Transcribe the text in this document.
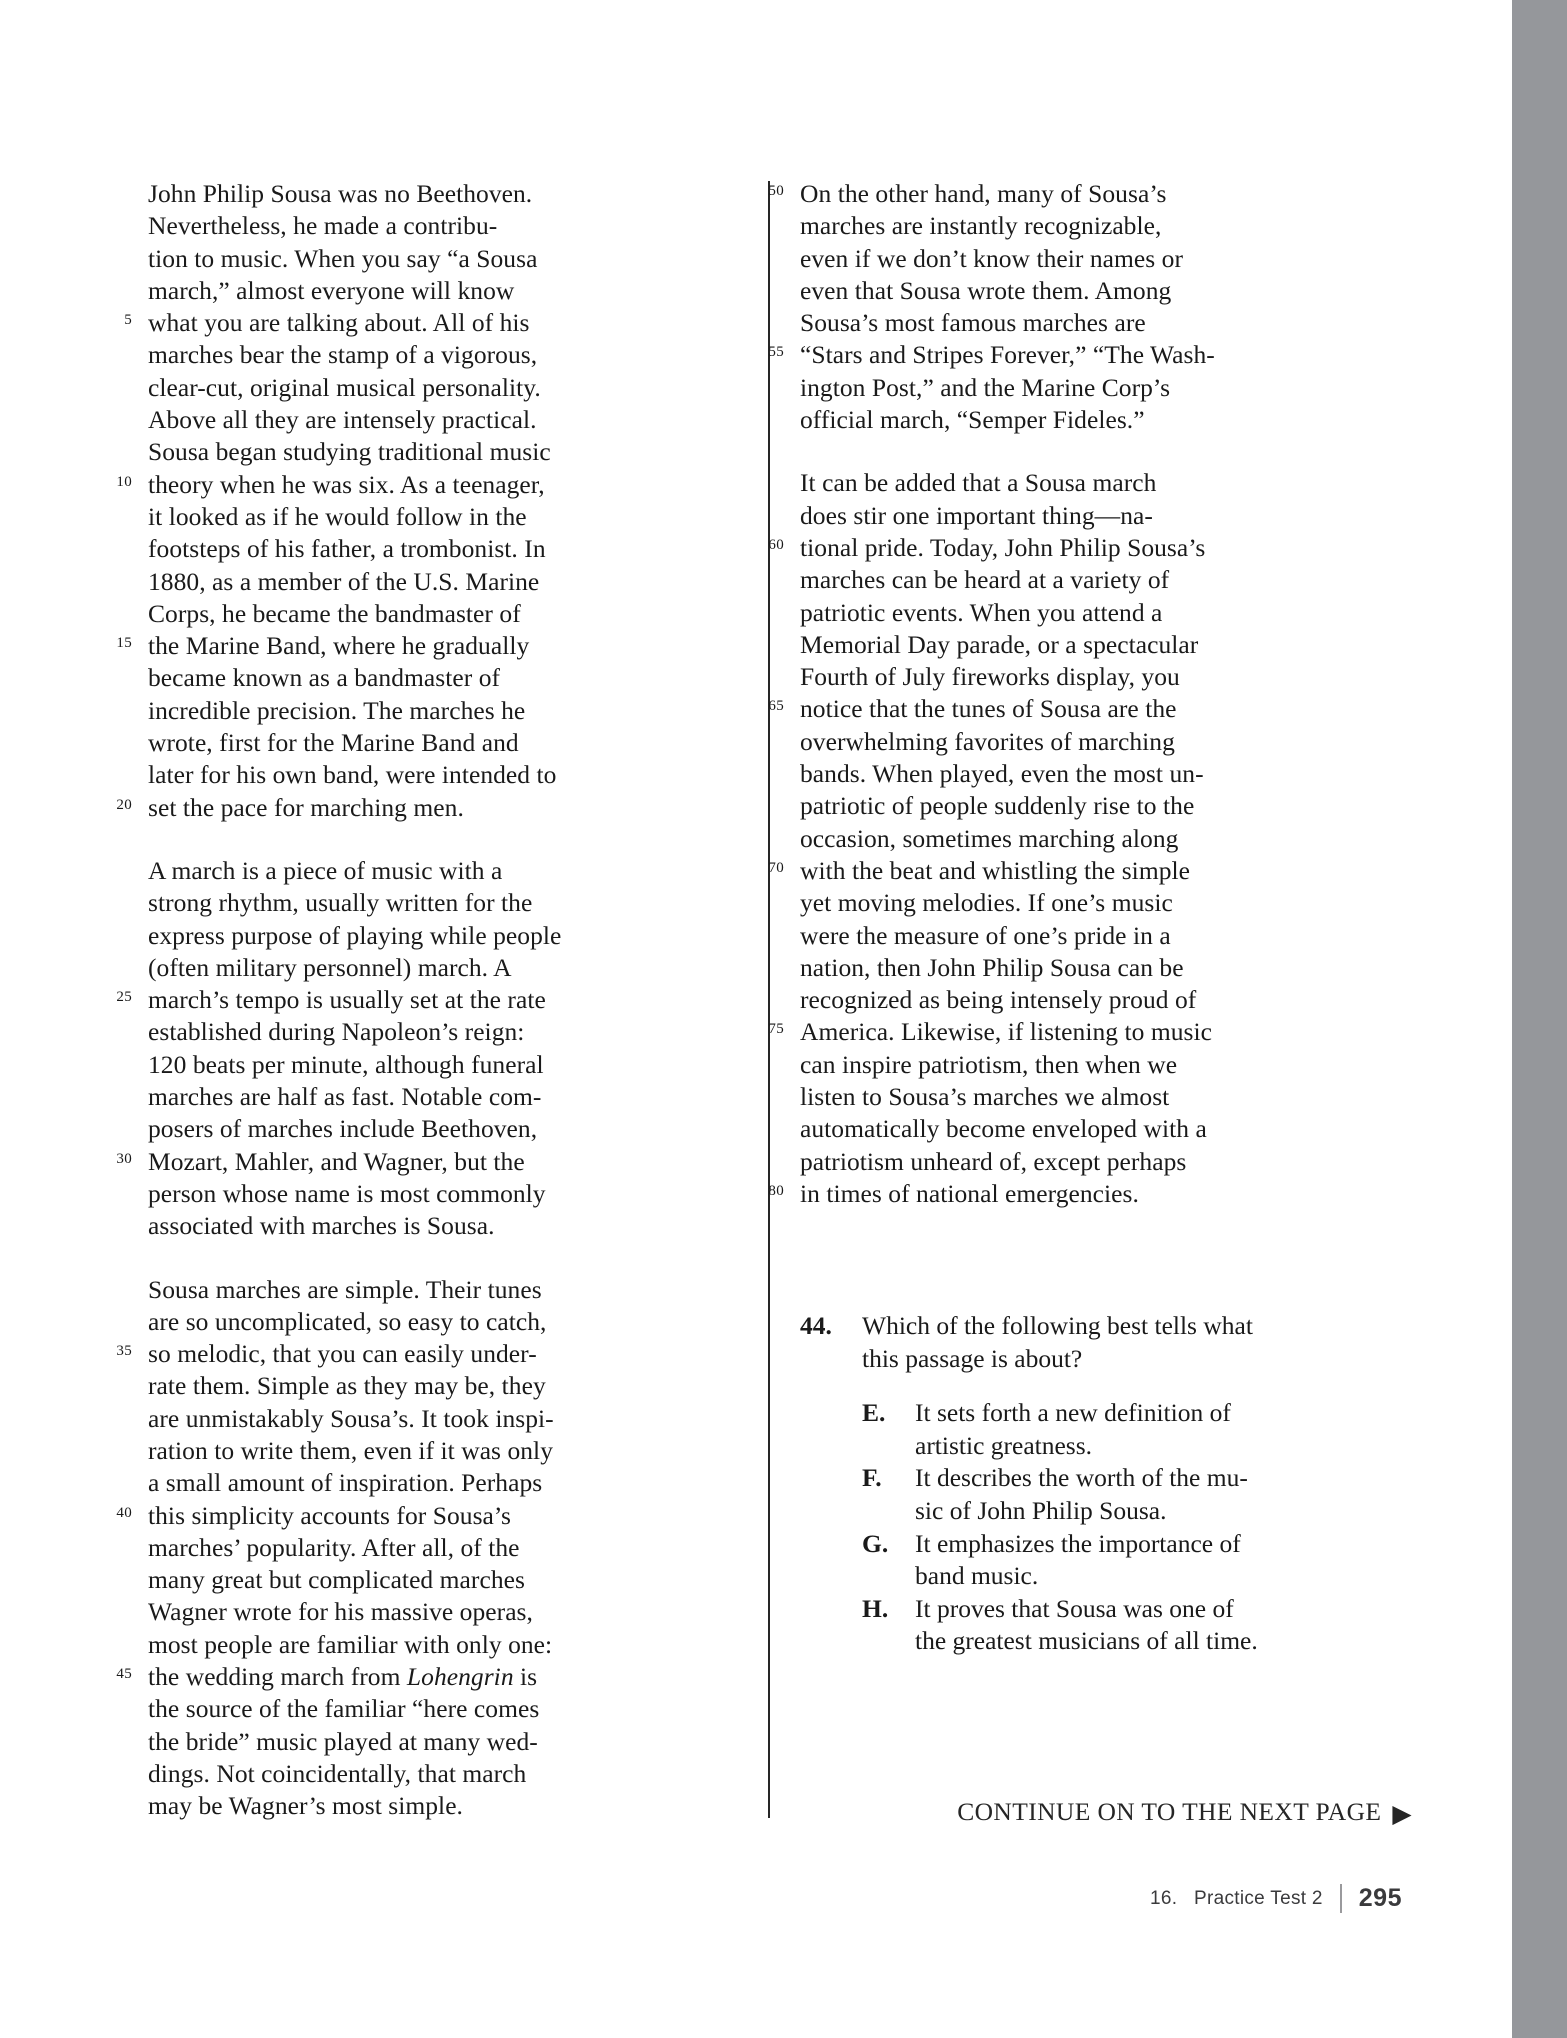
John Philip Sousa was no Beethoven.
Nevertheless, he made a contribu-
tion to music. When you say “a Sousa
march,” almost everyone will know
5 what you are talking about. All of his
marches bear the stamp of a vigorous,
clear-cut, original musical personality.
Above all they are intensely practical.
Sousa began studying traditional music
10 theory when he was six. As a teenager,
it looked as if he would follow in the
footsteps of his father, a trombonist. In
1880, as a member of the U.S. Marine
Corps, he became the bandmaster of
15 the Marine Band, where he gradually
became known as a bandmaster of
incredible precision. The marches he
wrote, first for the Marine Band and
later for his own band, were intended to
20 set the pace for marching men.
A march is a piece of music with a
strong rhythm, usually written for the
express purpose of playing while people
(often military personnel) march. A
25 march’s tempo is usually set at the rate
established during Napoleon’s reign:
120 beats per minute, although funeral
marches are half as fast. Notable com-
posers of marches include Beethoven,
30 Mozart, Mahler, and Wagner, but the
person whose name is most commonly
associated with marches is Sousa.
Sousa marches are simple. Their tunes
are so uncomplicated, so easy to catch,
35 so melodic, that you can easily under-
rate them. Simple as they may be, they
are unmistakably Sousa’s. It took inspi-
ration to write them, even if it was only
a small amount of inspiration. Perhaps
40 this simplicity accounts for Sousa’s
marches’ popularity. After all, of the
many great but complicated marches
Wagner wrote for his massive operas,
most people are familiar with only one:
45 the wedding march from Lohengrin is
the source of the familiar “here comes
the bride” music played at many wed-
dings. Not coincidentally, that march
may be Wagner’s most simple.
50 On the other hand, many of Sousa’s
marches are instantly recognizable,
even if we don’t know their names or
even that Sousa wrote them. Among
Sousa’s most famous marches are
55 “Stars and Stripes Forever,” “The Wash-
ington Post,” and the Marine Corp’s
official march, “Semper Fideles.”
It can be added that a Sousa march
does stir one important thing—na-
60 tional pride. Today, John Philip Sousa’s
marches can be heard at a variety of
patriotic events. When you attend a
Memorial Day parade, or a spectacular
Fourth of July fireworks display, you
65 notice that the tunes of Sousa are the
overwhelming favorites of marching
bands. When played, even the most un-
patriotic of people suddenly rise to the
occasion, sometimes marching along
70 with the beat and whistling the simple
yet moving melodies. If one’s music
were the measure of one’s pride in a
nation, then John Philip Sousa can be
recognized as being intensely proud of
75 America. Likewise, if listening to music
can inspire patriotism, then when we
listen to Sousa’s marches we almost
automatically become enveloped with a
patriotism unheard of, except perhaps
80 in times of national emergencies.
44.	Which of the following best tells what
this passage is about?
E.	It sets forth a new definition of
artistic greatness.
F.	It describes the worth of the mu-
sic of John Philip Sousa.
G.	It emphasizes the importance of
band music.
H.	It proves that Sousa was one of
the greatest musicians of all time.
CONTINUE ON TO THE NEXT PAGE ▶
16.   Practice Test 2 295
